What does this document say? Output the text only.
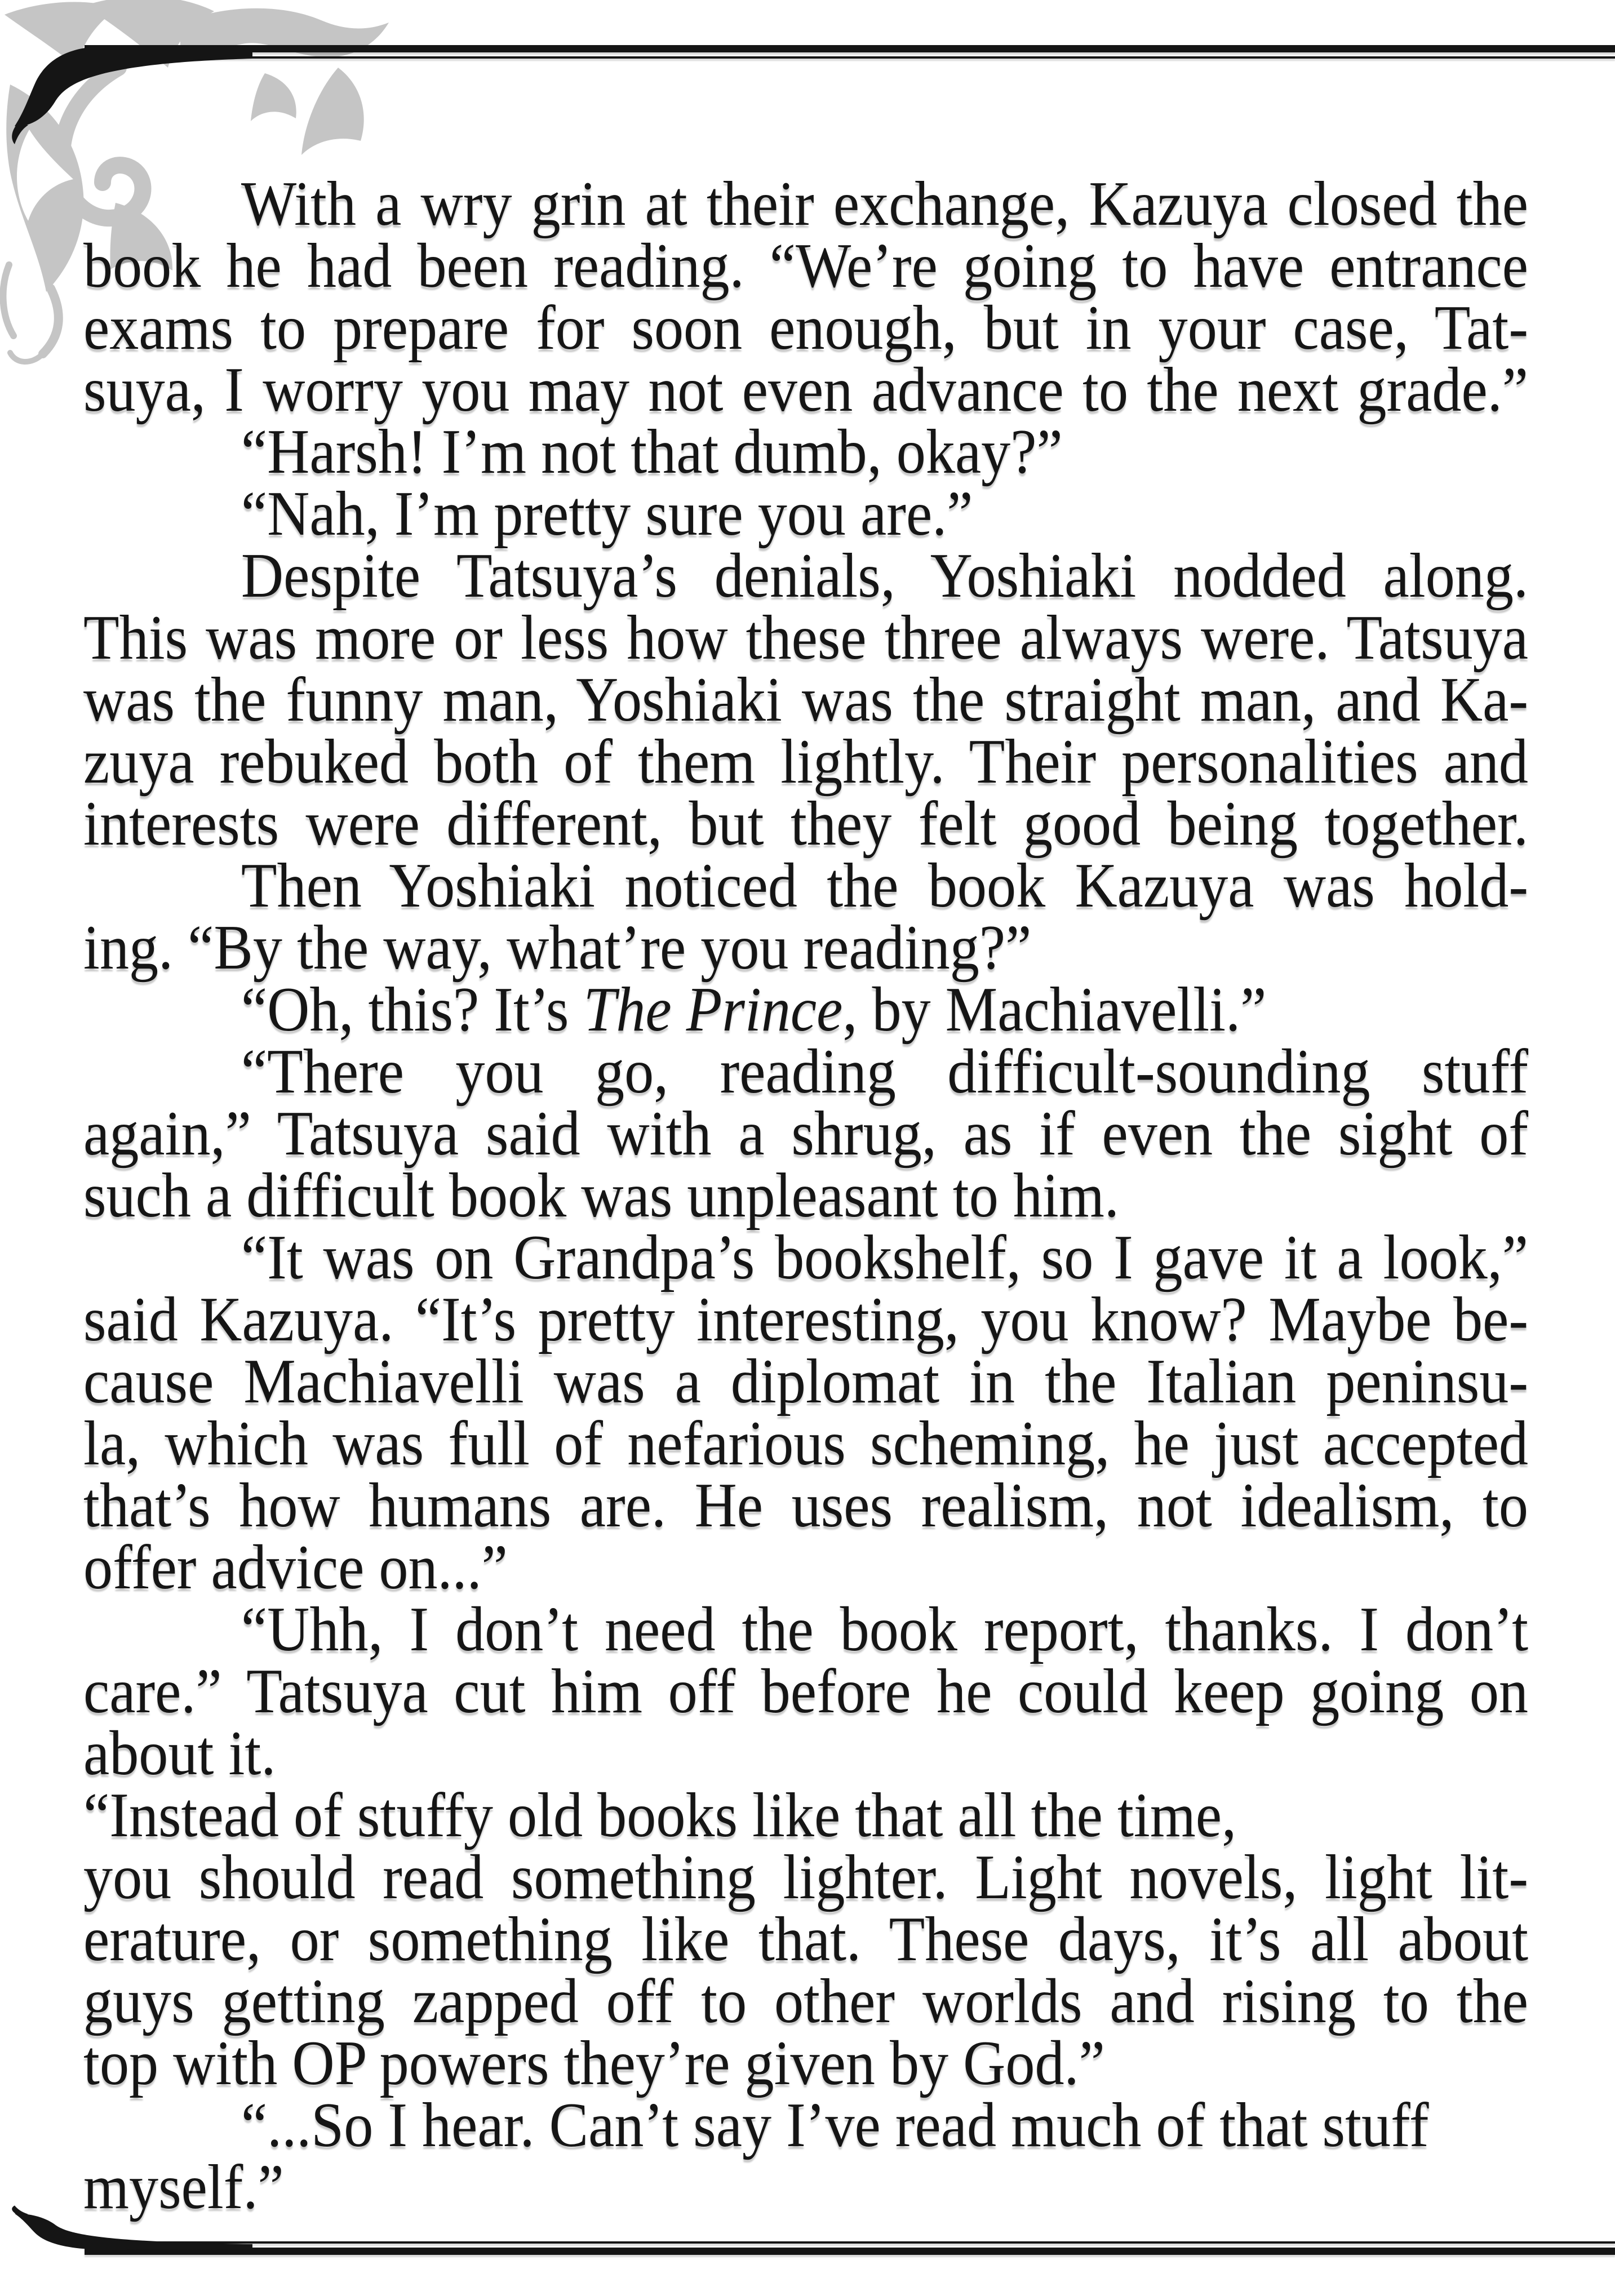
With a wry grin at their exchange, Kazuya closed the
book he had been reading. “We’re going to have entrance
exams to prepare for soon enough, but in your case, Tat-
suya, I worry you may not even advance to the next grade.”
“Harsh! I’m not that dumb, okay?”
“Nah, I’m pretty sure you are.”
Despite Tatsuya’s denials, Yoshiaki nodded along.
This was more or less how these three always were. Tatsuya
was the funny man, Yoshiaki was the straight man, and Ka-
zuya rebuked both of them lightly. Their personalities and
interests were different, but they felt good being together.
Then Yoshiaki noticed the book Kazuya was hold-
ing. “By the way, what’re you reading?”
“Oh, this? It’s The Prince, by Machiavelli.”
“There you go, reading difficult-sounding stuff
again,” Tatsuya said with a shrug, as if even the sight of
such a difficult book was unpleasant to him.
“It was on Grandpa’s bookshelf, so I gave it a look,”
said Kazuya. “It’s pretty interesting, you know? Maybe be-
cause Machiavelli was a diplomat in the Italian peninsu-
la, which was full of nefarious scheming, he just accepted
that’s how humans are. He uses realism, not idealism, to
offer advice on...”
“Uhh, I don’t need the book report, thanks. I don’t
care.” Tatsuya cut him off before he could keep going on
about it.
“Instead of stuffy old books like that all the time,
you should read something lighter. Light novels, light lit-
erature, or something like that. These days, it’s all about
guys getting zapped off to other worlds and rising to the
top with OP powers they’re given by God.”
“...So I hear. Can’t say I’ve read much of that stuff
myself.”
